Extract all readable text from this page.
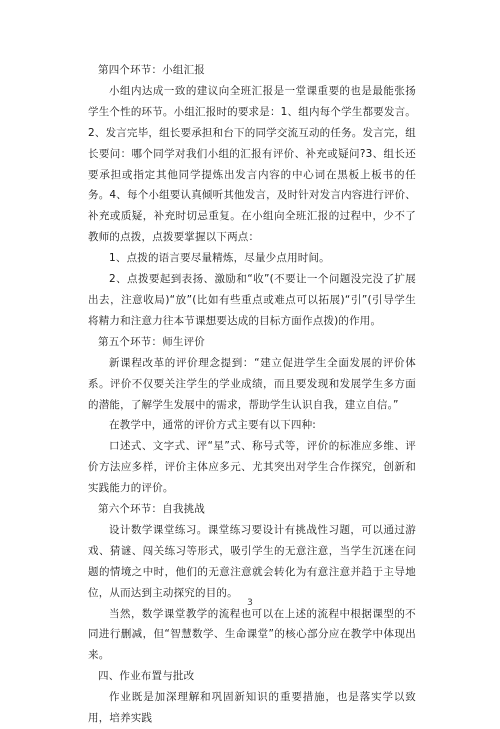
第四个环节：小组汇报

小组内达成一致的建议向全班汇报是一堂课重要的也是最能张扬学生个性的环节。小组汇报时的要求是：1、组内每个学生都要发言。2、发言完毕，组长要承担和台下的同学交流互动的任务。发言完，组长要问：哪个同学对我们小组的汇报有评价、补充或疑问?3、组长还要承担或指定其他同学提炼出发言内容的中心词在黑板上板书的任务。4、每个小组要认真倾听其他发言，及时针对发言内容进行评价、补充或质疑，补充时切忌重复。在小组向全班汇报的过程中，少不了教师的点拨，点拨要掌握以下两点：

1、点拨的语言要尽量精炼，尽量少点用时间。

2、点拨要起到表扬、激励和“收”(不要让一个问题没完没了扩展出去，注意收局)“放”(比如有些重点或难点可以拓展)“引”(引导学生将精力和注意力往本节课想要达成的目标方面作点拨)的作用。

第五个环节：师生评价

新课程改革的评价理念提到：“建立促进学生全面发展的评价体系。评价不仅要关注学生的学业成绩，而且要发现和发展学生多方面的潜能，了解学生发展中的需求，帮助学生认识自我，建立自信。”

在教学中，通常的评价方式主要有以下四种:

口述式、文字式、评“星”式、称号式等，评价的标准应多维、评价方法应多样，评价主体应多元、尤其突出对学生合作探究，创新和实践能力的评价。

第六个环节：自我挑战

设计数学课堂练习。课堂练习要设计有挑战性习题，可以通过游戏、猜谜、闯关练习等形式，吸引学生的无意注意，当学生沉迷在问题的情境之中时，他们的无意注意就会转化为有意注意并趋于主导地位，从而达到主动探究的目的。

当然，数学课堂教学的流程也可以在上述的流程中根据课型的不同进行删减，但“智慧数学、生命课堂”的核心部分应在教学中体现出来。

四、作业布置与批改

作业既是加深理解和巩固新知识的重要措施，也是落实学以致用，培养实践

3
